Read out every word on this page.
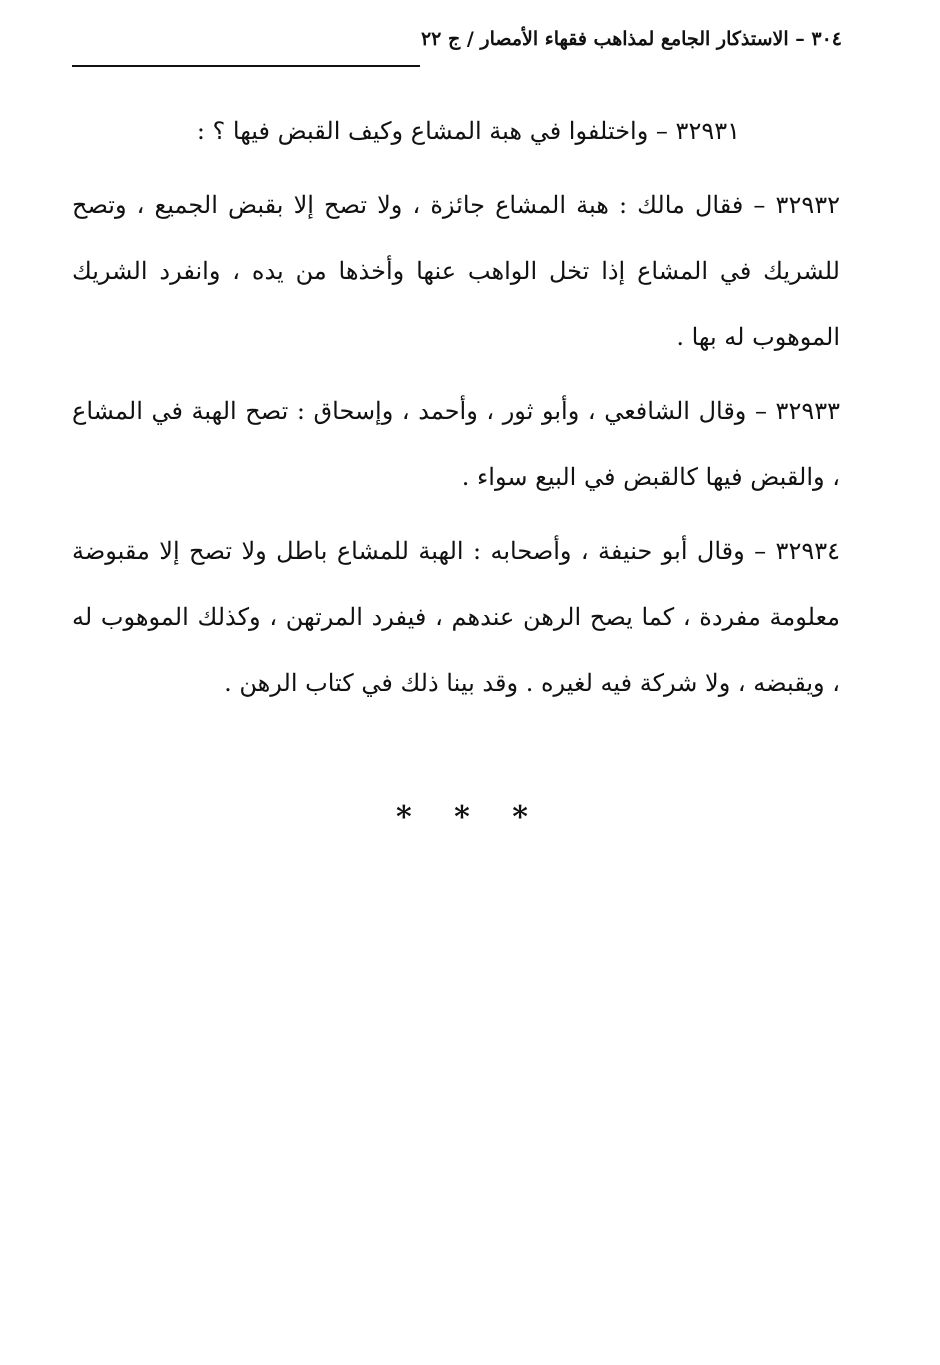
٣٠٤ – الاستذكار الجامع لمذاهب فقهاء الأمصار / ج ٢٢

٣٢٩٣١ – واختلفوا في هبة المشاع وكيف القبض فيها ؟ :

٣٢٩٣٢ – فقال مالك : هبة المشاع جائزة ، ولا تصح إلا بقبض الجميع ، وتصح للشريك في المشاع إذا تخل الواهب عنها وأخذها من يده ، وانفرد الشريك الموهوب له بها .

٣٢٩٣٣ – وقال الشافعي ، وأبو ثور ، وأحمد ، وإسحاق : تصح الهبة في المشاع ، والقبض فيها كالقبض في البيع سواء .

٣٢٩٣٤ – وقال أبو حنيفة ، وأصحابه : الهبة للمشاع باطل ولا تصح إلا مقبوضة معلومة مفردة ، كما يصح الرهن عندهم ، فيفرد المرتهن ، وكذلك الموهوب له ، ويقبضه ، ولا شركة فيه لغيره . وقد بينا ذلك في كتاب الرهن .

* * *
